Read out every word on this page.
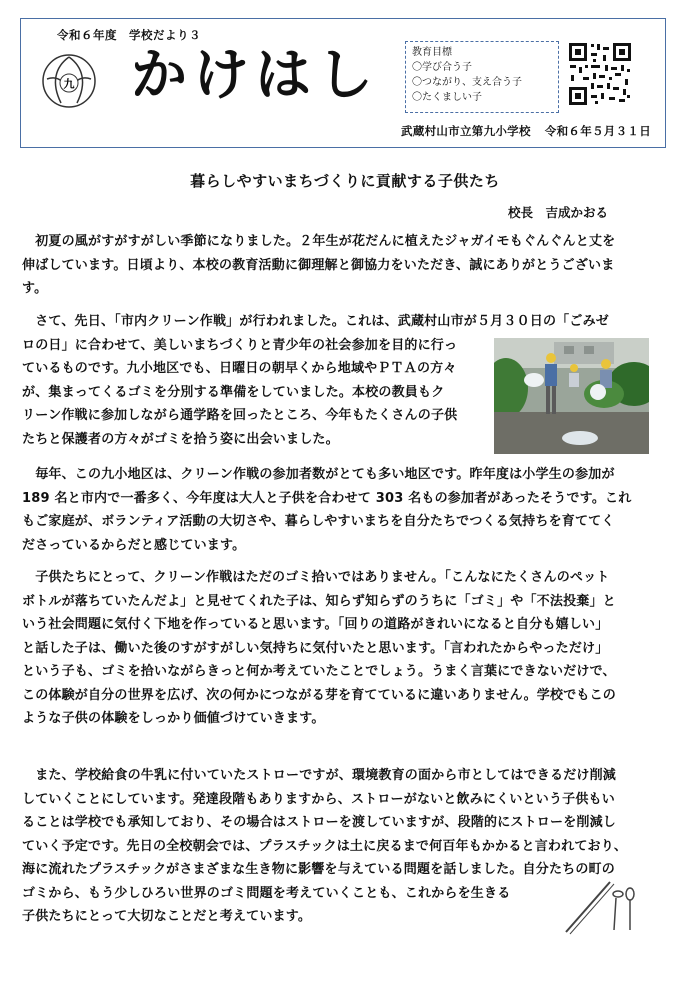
令和６年度　学校だより３
九 かけはし	教育目標
〇学び合う子
〇つながり、支え合う子
〇たくましい子
武蔵村山市立第九小学校 令和６年５月３１日
暮らしやすいまちづくりに貢献する子供たち
校長　吉成かおる
　初夏の風がすがすがしい季節になりました。２年生が花だんに植えたジャガイモもぐんぐんと丈を
伸ばしています。日頃より、本校の教育活動に御理解と御協力をいただき、誠にありがとうございま
す。
　さて、先日、「市内クリーン作戦」が行われました。これは、武蔵村山市が５月３０日の「ごみゼ
ロの日」に合わせて、美しいまちづくりと青少年の社会参加を目的に行っ
ているものです。九小地区でも、日曜日の朝早くから地域やＰＴＡの方々
が、集まってくるゴミを分別する準備をしていました。本校の教員もク
リーン作戦に参加しながら通学路を回ったところ、今年もたくさんの子供
たちと保護者の方々がゴミを拾う姿に出会いました。
　毎年、この九小地区は、クリーン作戦の参加者数がとても多い地区です。昨年度は小学生の参加が
189 名と市内で一番多く、今年度は大人と子供を合わせて 303 名もの参加者があったそうです。これ
もご家庭が、ボランティア活動の大切さや、暮らしやすいまちを自分たちでつくる気持ちを育ててく
ださっているからだと感じています。
　子供たちにとって、クリーン作戦はただのゴミ拾いではありません。「こんなにたくさんのペット
ボトルが落ちていたんだよ」と見せてくれた子は、知らず知らずのうちに「ゴミ」や「不法投棄」と
いう社会問題に気付く下地を作っていると思います。「回りの道路がきれいになると自分も嬉しい」
と話した子は、働いた後のすがすがしい気持ちに気付いたと思います。「言われたからやっただけ」
という子も、ゴミを拾いながらきっと何か考えていたことでしょう。うまく言葉にできないだけで、
この体験が自分の世界を広げ、次の何かにつながる芽を育てているに違いありません。学校でもこの
ような子供の体験をしっかり価値づけていきます。
　また、学校給食の牛乳に付いていたストローですが、環境教育の面から市としてはできるだけ削減
していくことにしています。発達段階もありますから、ストローがないと飲みにくいという子供もい
ることは学校でも承知しており、その場合はストローを渡していますが、段階的にストローを削減し
ていく予定です。先日の全校朝会では、プラスチックは土に戻るまで何百年もかかると言われており、
海に流れたプラスチックがさまざまな生き物に影響を与えている問題を話しました。自分たちの町の
ゴミから、もう少しひろい世界のゴミ問題を考えていくことも、これからを生きる
子供たちにとって大切なことだと考えています。
